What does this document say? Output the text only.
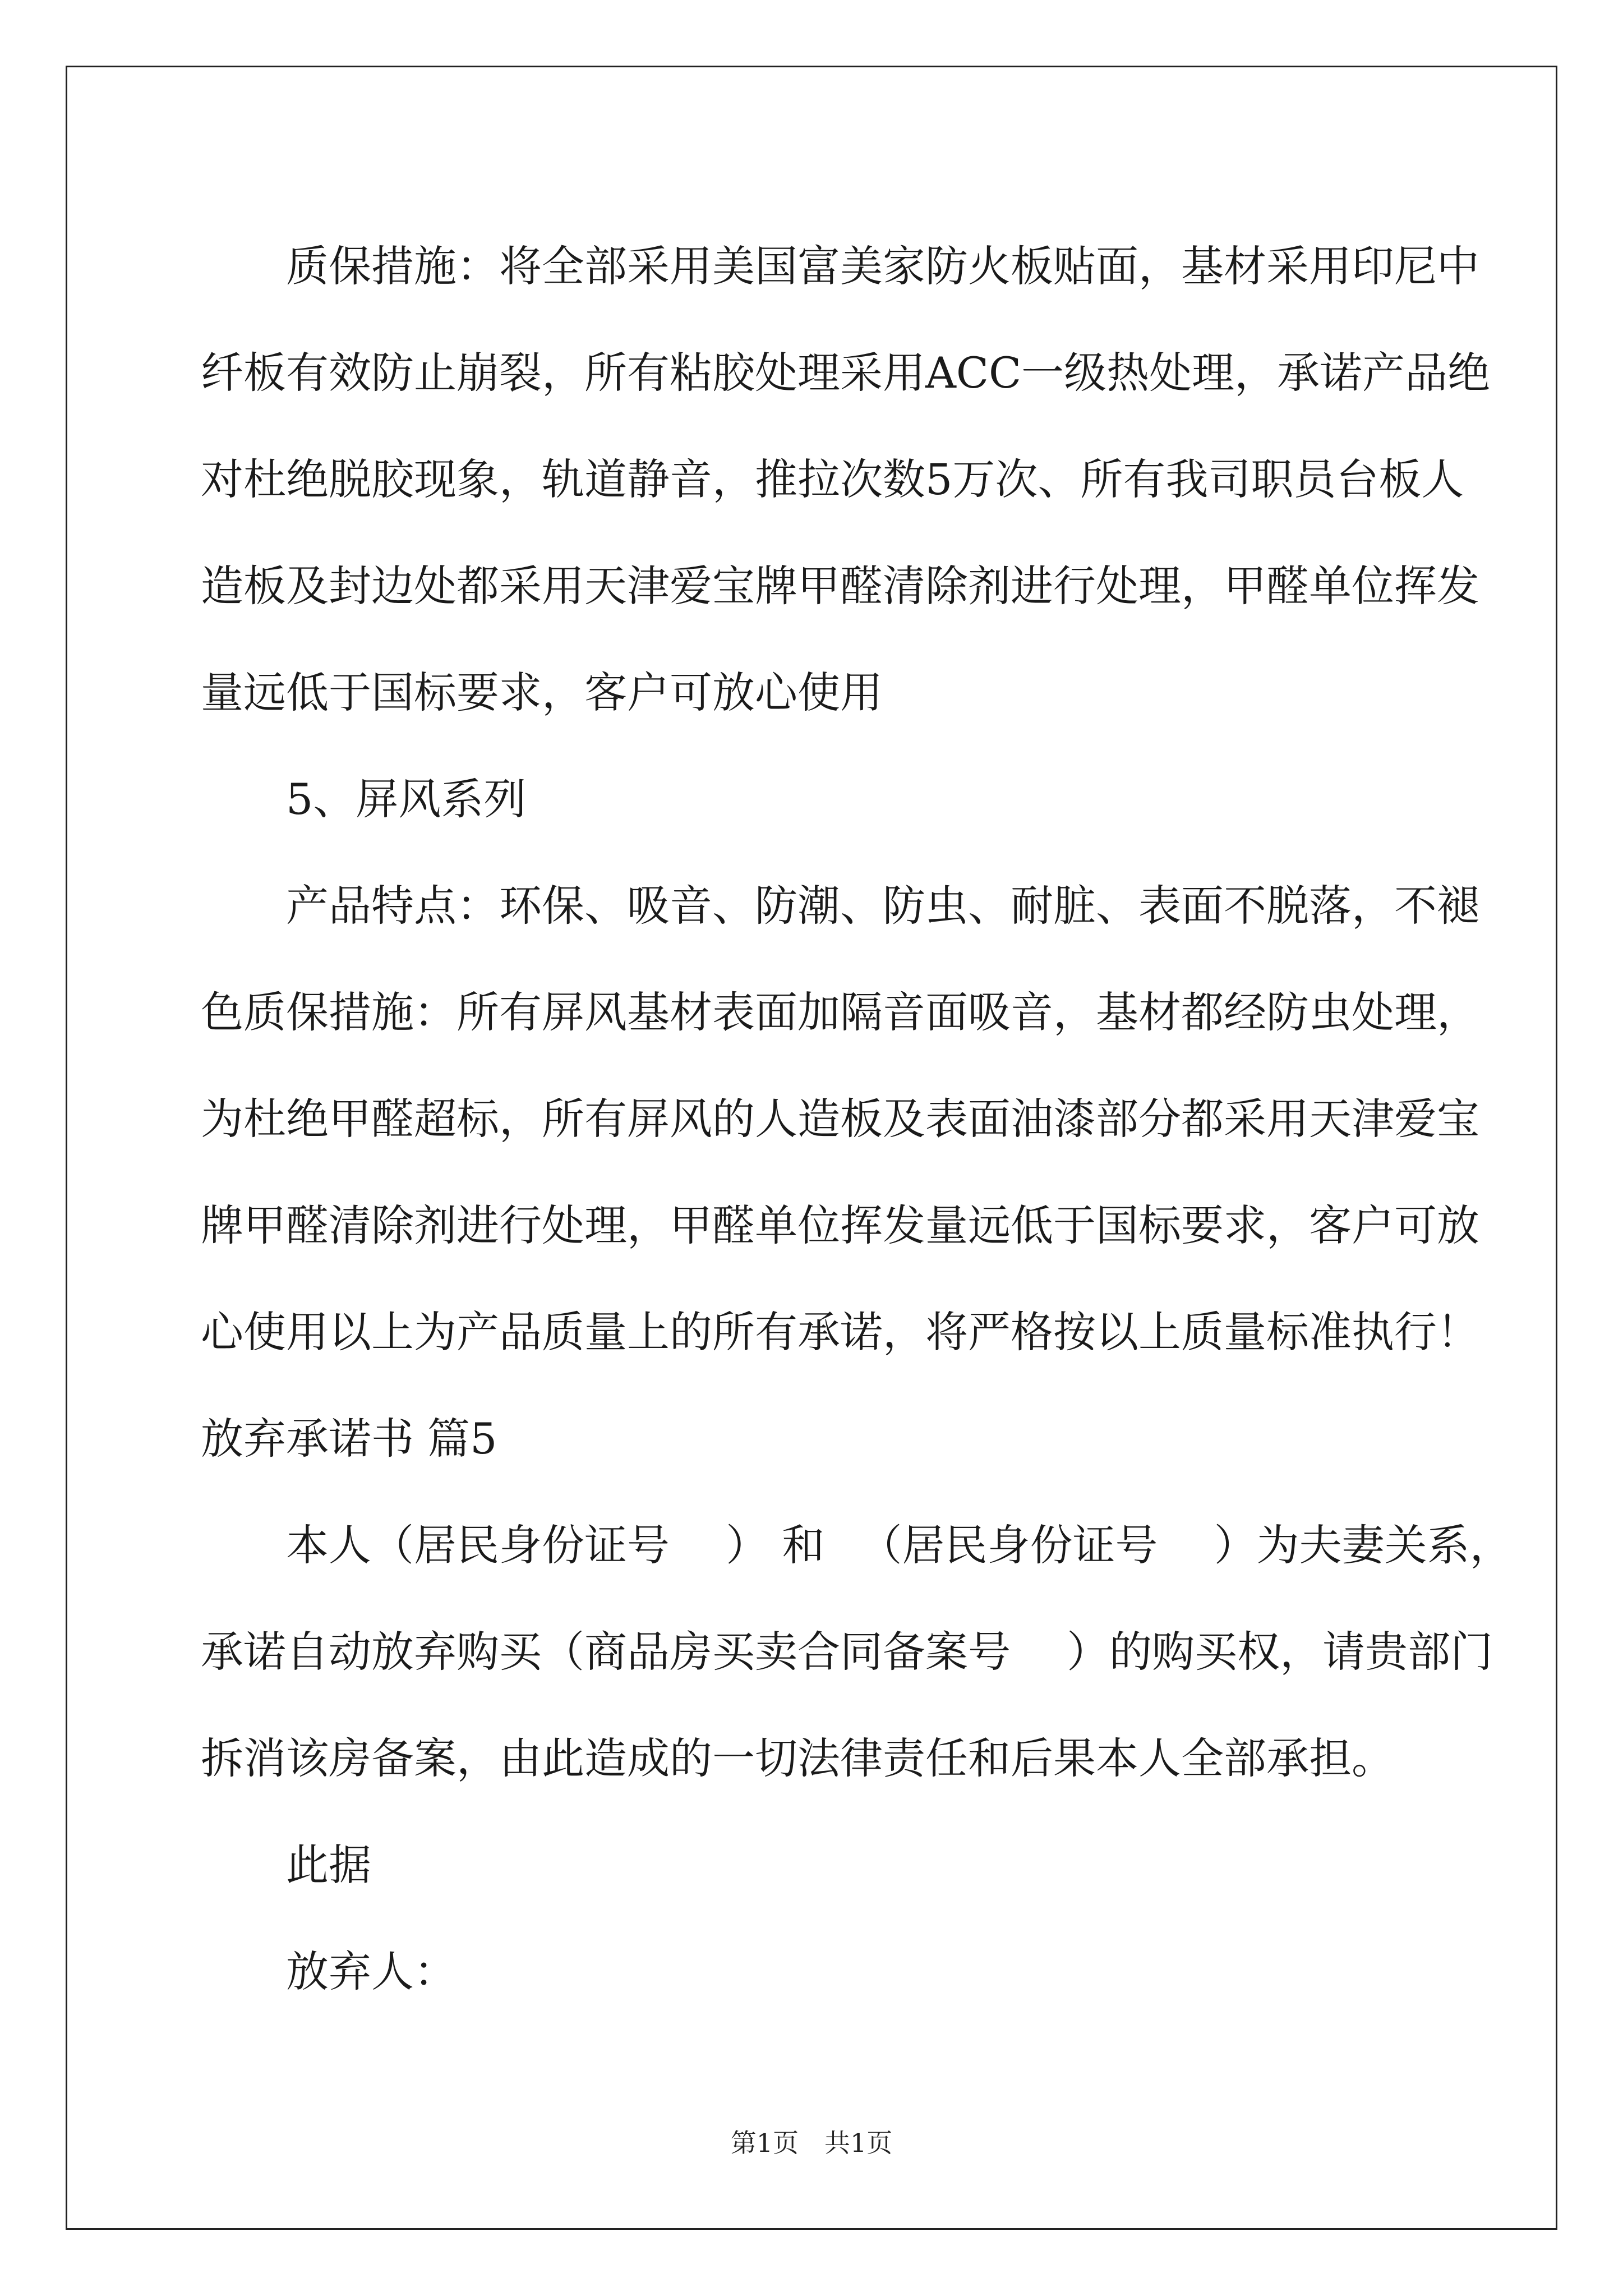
　　质保措施：将全部采用美国富美家防火板贴面，基材采用印尼中
纤板有效防止崩裂，所有粘胶处理采用ACC一级热处理，承诺产品绝
对杜绝脱胶现象，轨道静音，推拉次数5万次、所有我司职员台板人
造板及封边处都采用天津爱宝牌甲醛清除剂进行处理，甲醛单位挥发
量远低于国标要求，客户可放心使用
　　5、屏风系列
　　产品特点：环保、吸音、防潮、防虫、耐脏、表面不脱落，不褪
色质保措施：所有屏风基材表面加隔音面吸音，基材都经防虫处理，
为杜绝甲醛超标，所有屏风的人造板及表面油漆部分都采用天津爱宝
牌甲醛清除剂进行处理，甲醛单位挥发量远低于国标要求，客户可放
心使用以上为产品质量上的所有承诺，将严格按以上质量标准执行！
放弃承诺书 篇5
　　本人（居民身份证号　 ） 和 　（居民身份证号　 ）为夫妻关系，
承诺自动放弃购买（商品房买卖合同备案号　 ）的购买权，请贵部门
拆消该房备案，由此造成的一切法律责任和后果本人全部承担。
　　此据
　　放弃人：
第1页　共1页
